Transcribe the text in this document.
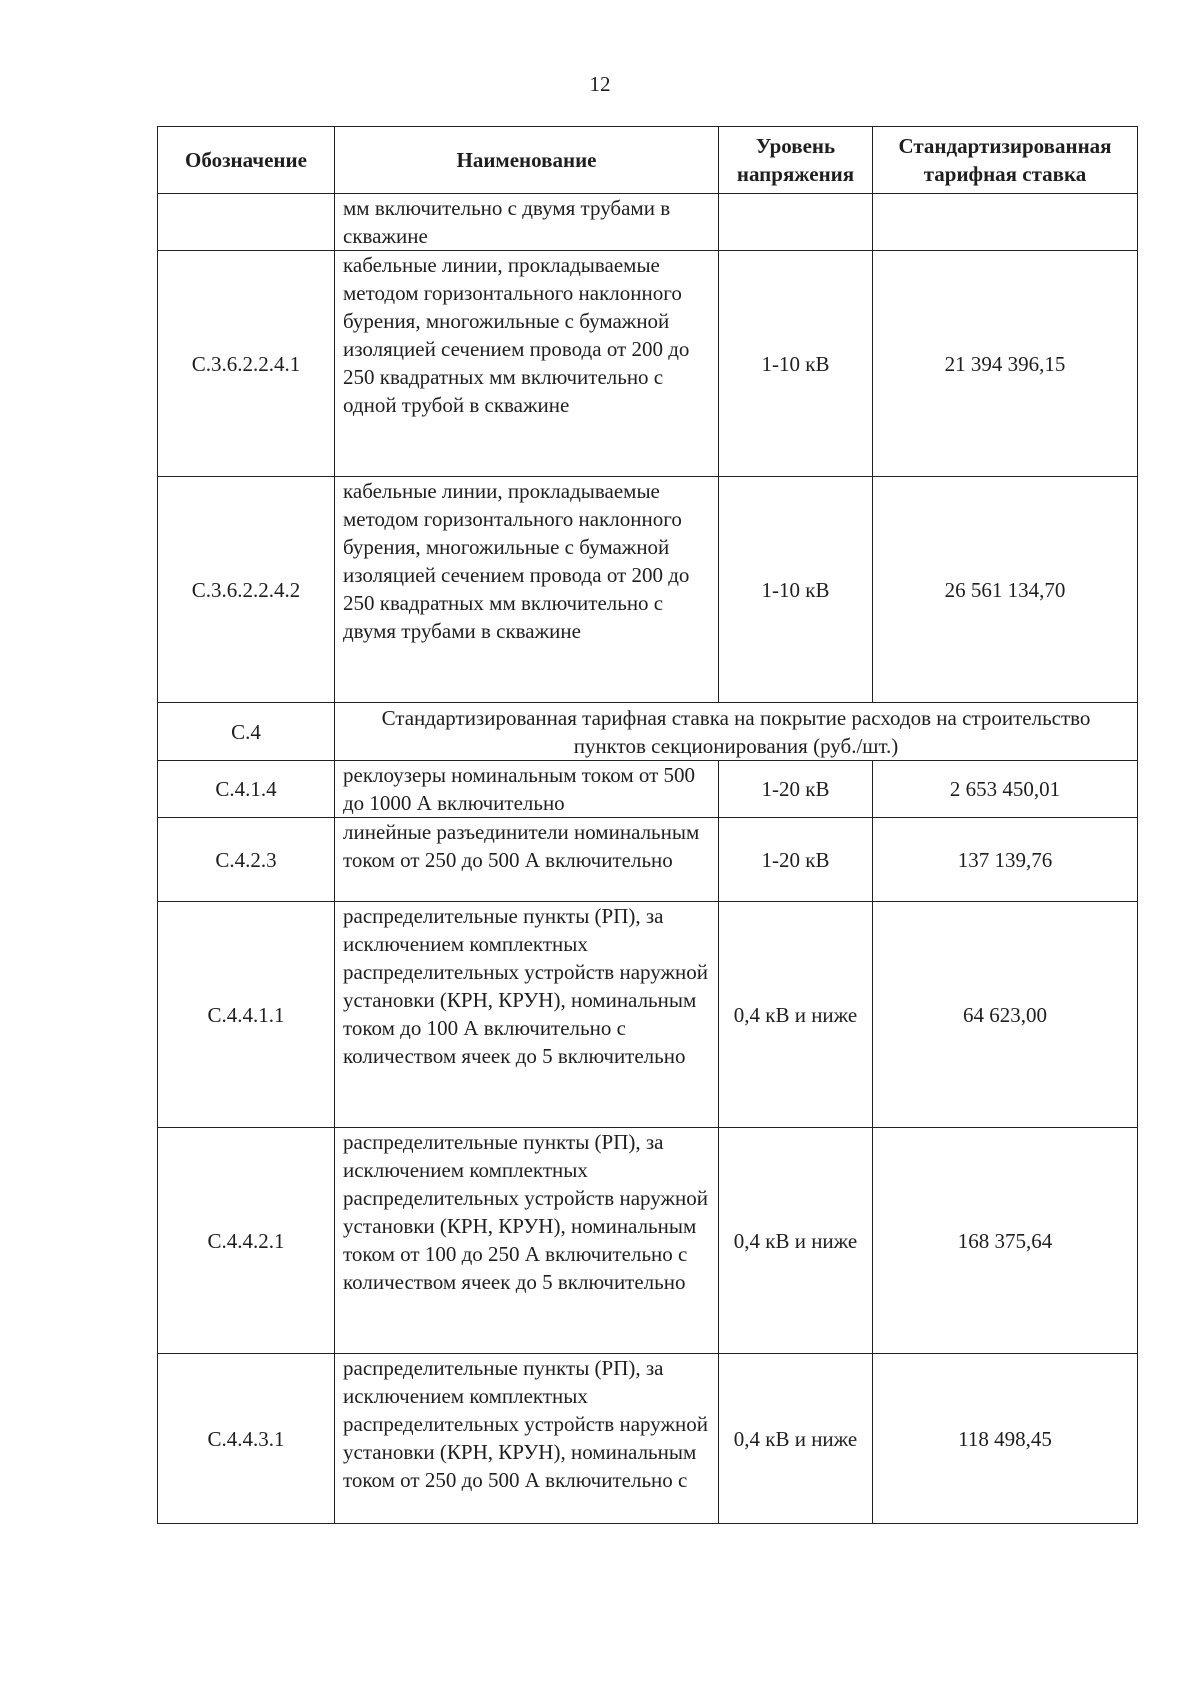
12
Обозначение	Наименование	Уровень напряжения	Стандартизированная тарифная ставка
	мм включительно с двумя трубами в скважине		
С.3.6.2.2.4.1	кабельные линии, прокладываемые методом горизонтального наклонного бурения, многожильные с бумажной изоляцией сечением провода от 200 до 250 квадратных мм включительно с одной трубой в скважине	1-10 кВ	21 394 396,15
С.3.6.2.2.4.2	кабельные линии, прокладываемые методом горизонтального наклонного бурения, многожильные с бумажной изоляцией сечением провода от 200 до 250 квадратных мм включительно с двумя трубами в скважине	1-10 кВ	26 561 134,70
С.4	Стандартизированная тарифная ставка на покрытие расходов на строительство пунктов секционирования (руб./шт.)		
С.4.1.4	реклоузеры номинальным током от 500 до 1000 А включительно	1-20 кВ	2 653 450,01
С.4.2.3	линейные разъединители номинальным током от 250 до 500 А включительно	1-20 кВ	137 139,76
С.4.4.1.1	распределительные пункты (РП), за исключением комплектных распределительных устройств наружной установки (КРН, КРУН), номинальным током до 100 А включительно с количеством ячеек до 5 включительно	0,4 кВ и ниже	64 623,00
С.4.4.2.1	распределительные пункты (РП), за исключением комплектных распределительных устройств наружной установки (КРН, КРУН), номинальным током от 100 до 250 А включительно с количеством ячеек до 5 включительно	0,4 кВ и ниже	168 375,64
С.4.4.3.1	распределительные пункты (РП), за исключением комплектных распределительных устройств наружной установки (КРН, КРУН), номинальным током от 250 до 500 А включительно с	0,4 кВ и ниже	118 498,45
